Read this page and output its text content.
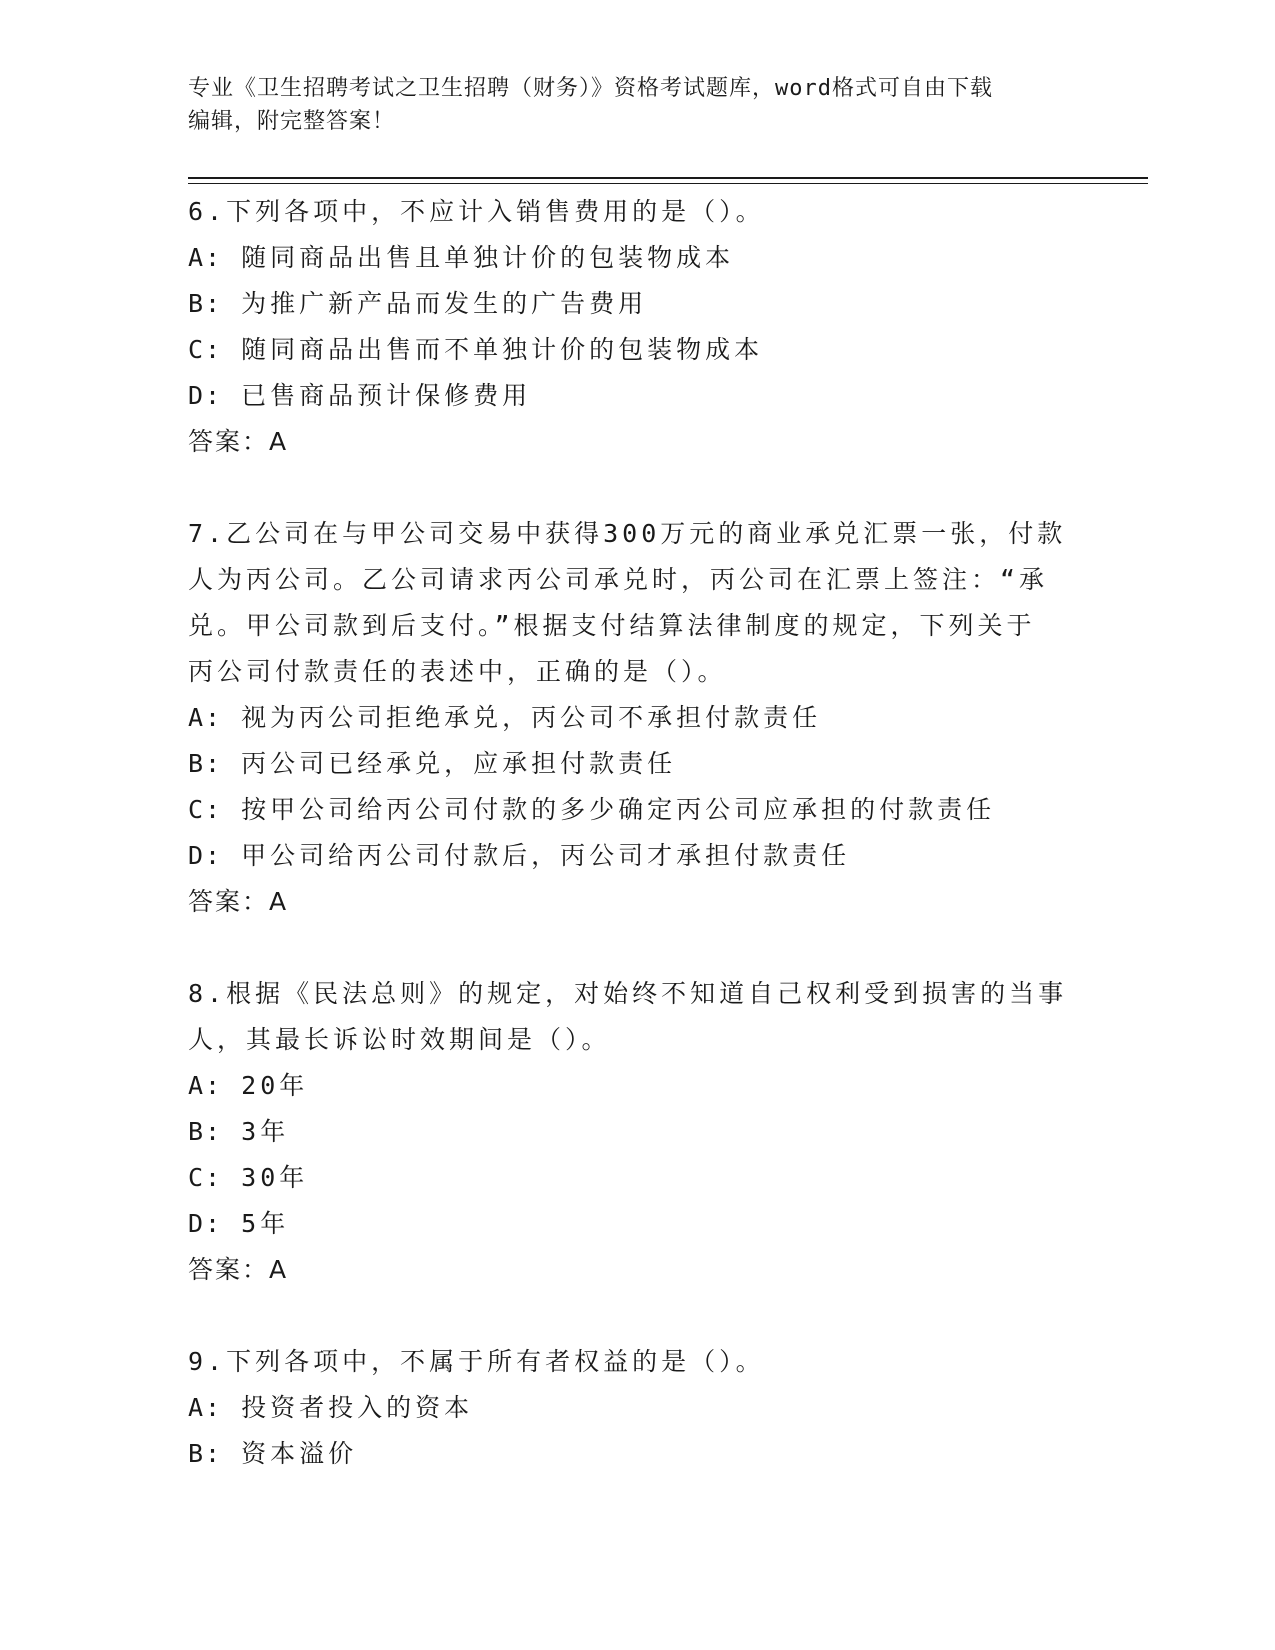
专业《卫生招聘考试之卫生招聘（财务）》资格考试题库，word格式可自由下载
编辑，附完整答案！
6.下列各项中，不应计入销售费用的是（）。
A: 随同商品出售且单独计价的包装物成本
B: 为推广新产品而发生的广告费用
C: 随同商品出售而不单独计价的包装物成本
D: 已售商品预计保修费用
答案：A
7.乙公司在与甲公司交易中获得300万元的商业承兑汇票一张，付款
人为丙公司。乙公司请求丙公司承兑时，丙公司在汇票上签注：“承
兑。甲公司款到后支付。”根据支付结算法律制度的规定，下列关于
丙公司付款责任的表述中，正确的是（）。
A: 视为丙公司拒绝承兑，丙公司不承担付款责任
B: 丙公司已经承兑，应承担付款责任
C: 按甲公司给丙公司付款的多少确定丙公司应承担的付款责任
D: 甲公司给丙公司付款后，丙公司才承担付款责任
答案：A
8.根据《民法总则》的规定，对始终不知道自己权利受到损害的当事
人，其最长诉讼时效期间是（）。
A: 20年
B: 3年
C: 30年
D: 5年
答案：A
9.下列各项中，不属于所有者权益的是（）。
A: 投资者投入的资本
B: 资本溢价
